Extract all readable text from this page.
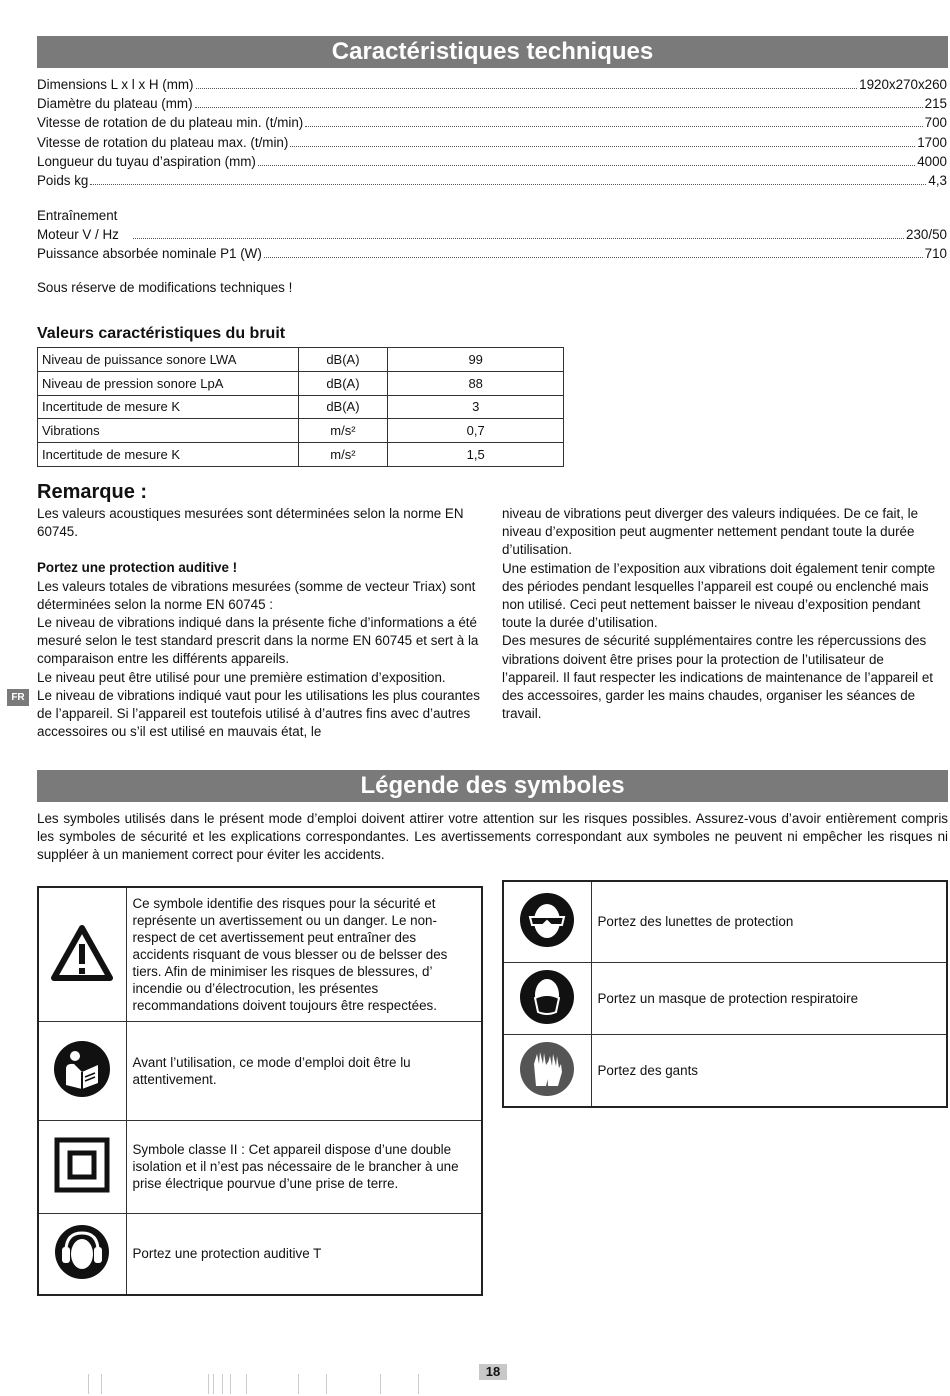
Caractéristiques techniques
Dimensions L x l x H (mm)	1920x270x260
Diamètre du plateau (mm)	215
Vitesse de rotation de du plateau min. (t/min)	700
Vitesse de rotation du plateau max. (t/min)	1700
Longueur du tuyau d’aspiration (mm)	4000
Poids kg	4,3
Entraînement
Moteur V / Hz	230/50
Puissance absorbée nominale P1 (W)	710
Sous réserve de modifications techniques !
Valeurs caractéristiques du bruit
Niveau de puissance sonore LWA	dB(A)	99
Niveau de pression sonore LpA	dB(A)	88
Incertitude de mesure K	dB(A)	3
Vibrations	m/s²	0,7
Incertitude de mesure K	m/s²	1,5
Remarque :

Les valeurs acoustiques mesurées sont déterminées selon la norme EN 60745.

Portez une protection auditive !

Les valeurs totales de vibrations mesurées (somme de vecteur Triax) sont déterminées selon la norme EN 60745 :

Le niveau de vibrations indiqué dans la présente fiche d’informations a été mesuré selon le test standard prescrit dans la norme EN 60745 et sert à la comparaison entre les différents appareils.

Le niveau peut être utilisé pour une première estimation d’exposition.

Le niveau de vibrations indiqué vaut pour les utilisations les plus courantes de l’appareil. Si l’appareil est toutefois utilisé à d’autres fins avec d’autres accessoires ou s’il est utilisé en mauvais état, le

niveau de vibrations peut diverger des valeurs indiquées. De ce fait, le niveau d’exposition peut augmenter nettement pendant toute la durée d’utilisation.

Une estimation de l’exposition aux vibrations doit également tenir compte des périodes pendant lesquelles l’appareil est coupé ou enclenché mais non utilisé. Ceci peut nettement baisser le niveau d’exposition pendant toute la durée d’utilisation.

Des mesures de sécurité supplémentaires contre les répercussions des vibrations doivent être prises pour la protection de l’utilisateur de l’appareil. Il faut respecter les indications de maintenance de l’appareil et des accessoires, garder les mains chaudes, organiser les séances de travail.

FR
Légende des symboles
Les symboles utilisés dans le présent mode d’emploi doivent attirer votre attention sur les risques possibles. Assurez-vous d’avoir entièrement compris les symboles de sécurité et les explications correspondantes. Les avertissements correspondant aux symboles ne peuvent ni empêcher les risques ni suppléer à un maniement correct pour éviter les accidents.
	Ce symbole identifie des risques pour la sécurité et représente un avertissement ou un danger. Le non-respect de cet avertissement peut entraîner des accidents risquant de vous blesser ou de belsser des tiers. Afin de minimiser les risques de blessures, d’ incendie ou d’électrocution, les présentes recommandations doivent toujours être respectées.
	Avant l’utilisation, ce mode d’emploi doit être lu attentivement.
	Symbole classe II : Cet appareil dispose d’une double isolation et il n’est pas nécessaire de le brancher à une prise électrique pourvue d’une prise de terre.
	Portez une protection auditive T
	Portez des lunettes de protection
	Portez un masque de protection respiratoire
	Portez des gants
18
